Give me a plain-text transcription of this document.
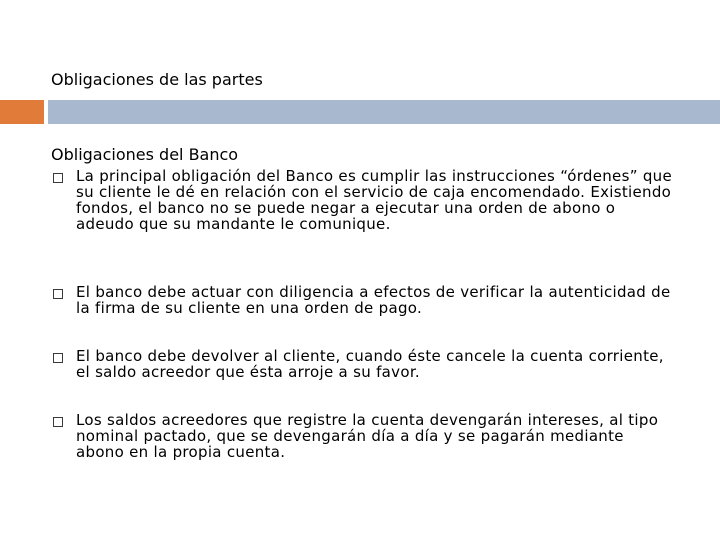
Obligaciones de las partes
Obligaciones del Banco
La principal obligación del Banco es cumplir las instrucciones “órdenes” que su cliente le dé en relación con el servicio de caja encomendado. Existiendo fondos, el banco no se puede negar a ejecutar una orden de abono o adeudo que su mandante le comunique.
El banco debe actuar con diligencia a efectos de verificar la autenticidad de la firma de su cliente en una orden de pago.
El banco debe devolver al cliente, cuando éste cancele la cuenta corriente, el saldo acreedor que ésta arroje a su favor.
Los saldos acreedores que registre la cuenta devengarán intereses, al tipo nominal pactado, que se devengarán día a día y se pagarán mediante abono en la propia cuenta.
